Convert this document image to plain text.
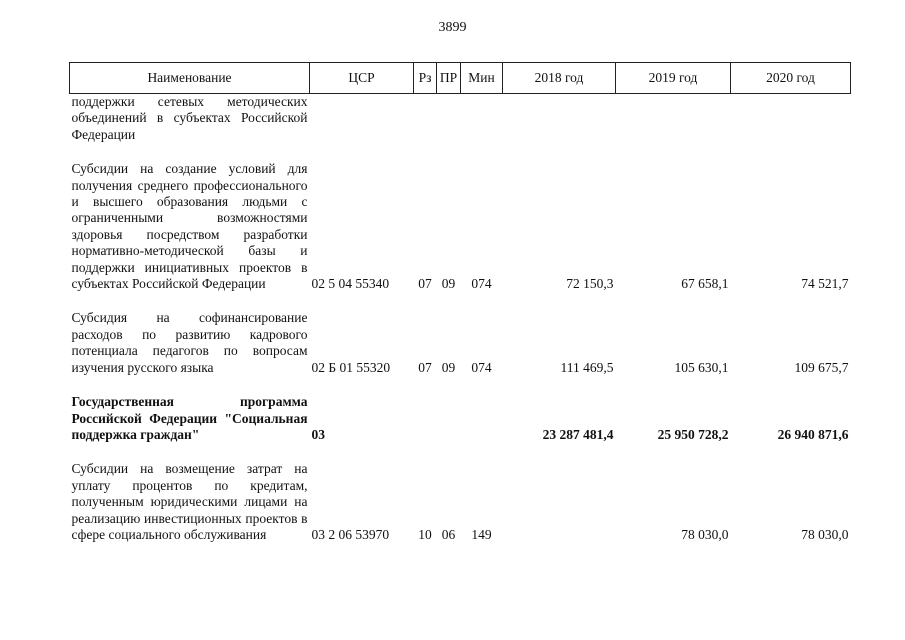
3899
Наименование	ЦСР	Рз	ПР	Мин	2018 год	2019 год	2020 год
поддержки сетевых методических объединений в субъектах Российской Федерации							

Субсидии на создание условий для получения среднего профессионального и высшего образования людьми с ограниченными возможностями здоровья посредством разработки нормативно-методической базы и поддержки инициативных проектов в субъектах Российской Федерации	02 5 04 55340	07	09	074	72 150,3	67 658,1	74 521,7

Субсидия на софинансирование расходов по развитию кадрового потенциала педагогов по вопросам изучения русского языка	02 Б 01 55320	07	09	074	111 469,5	105 630,1	109 675,7

Государственная программа Российской Федерации "Социальная поддержка граждан"	03				23 287 481,4	25 950 728,2	26 940 871,6

Субсидии на возмещение затрат на уплату процентов по кредитам, полученным юридическими лицами на реализацию инвестиционных проектов в сфере социального обслуживания	03 2 06 53970	10	06	149		78 030,0	78 030,0
